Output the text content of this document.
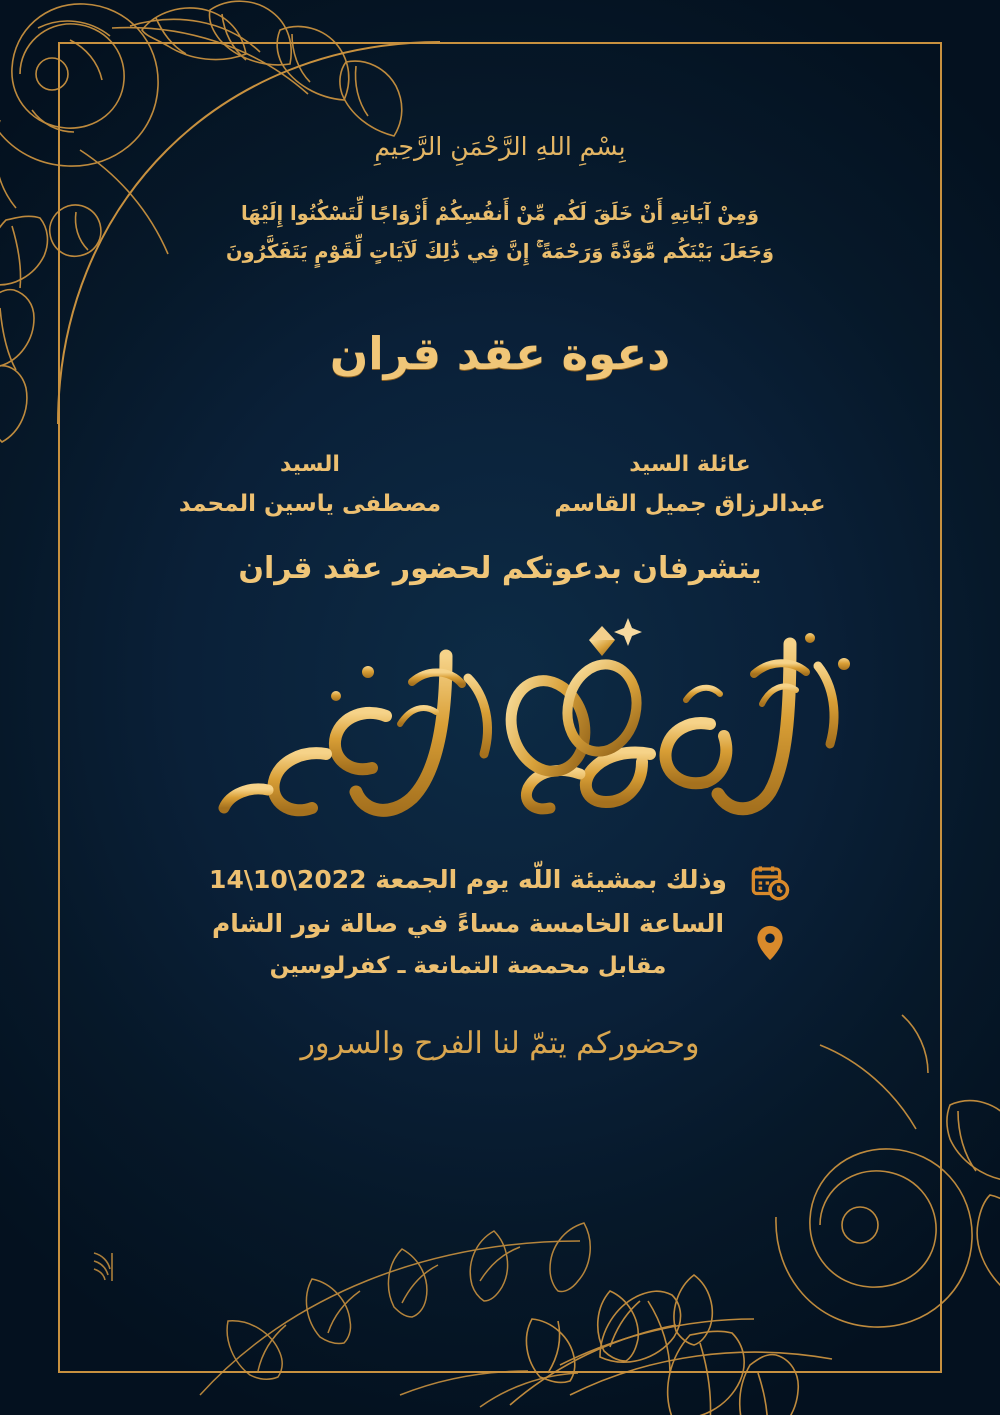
بِسْمِ اللهِ الرَّحْمَنِ الرَّحِيمِ
وَمِنْ آيَاتِهِ أَنْ خَلَقَ لَكُم مِّنْ أَنفُسِكُمْ أَزْوَاجًا لِّتَسْكُنُوا إِلَيْهَا
وَجَعَلَ بَيْنَكُم مَّوَدَّةً وَرَحْمَةً ۚ إِنَّ فِي ذَٰلِكَ لَآيَاتٍ لِّقَوْمٍ يَتَفَكَّرُونَ
دعوة عقد قران
عائلة السيد
عبدالرزاق جميل القاسم
السيد
مصطفى ياسين المحمد
يتشرفان بدعوتكم لحضور عقد قران
وذلك بمشيئة اللّه يوم الجمعة 2022\10\14
الساعة الخامسة مساءً في صالة نور الشام
مقابل محمصة التمانعة ـ كفرلوسين
وحضوركم يتمّ لنا الفرح والسرور
